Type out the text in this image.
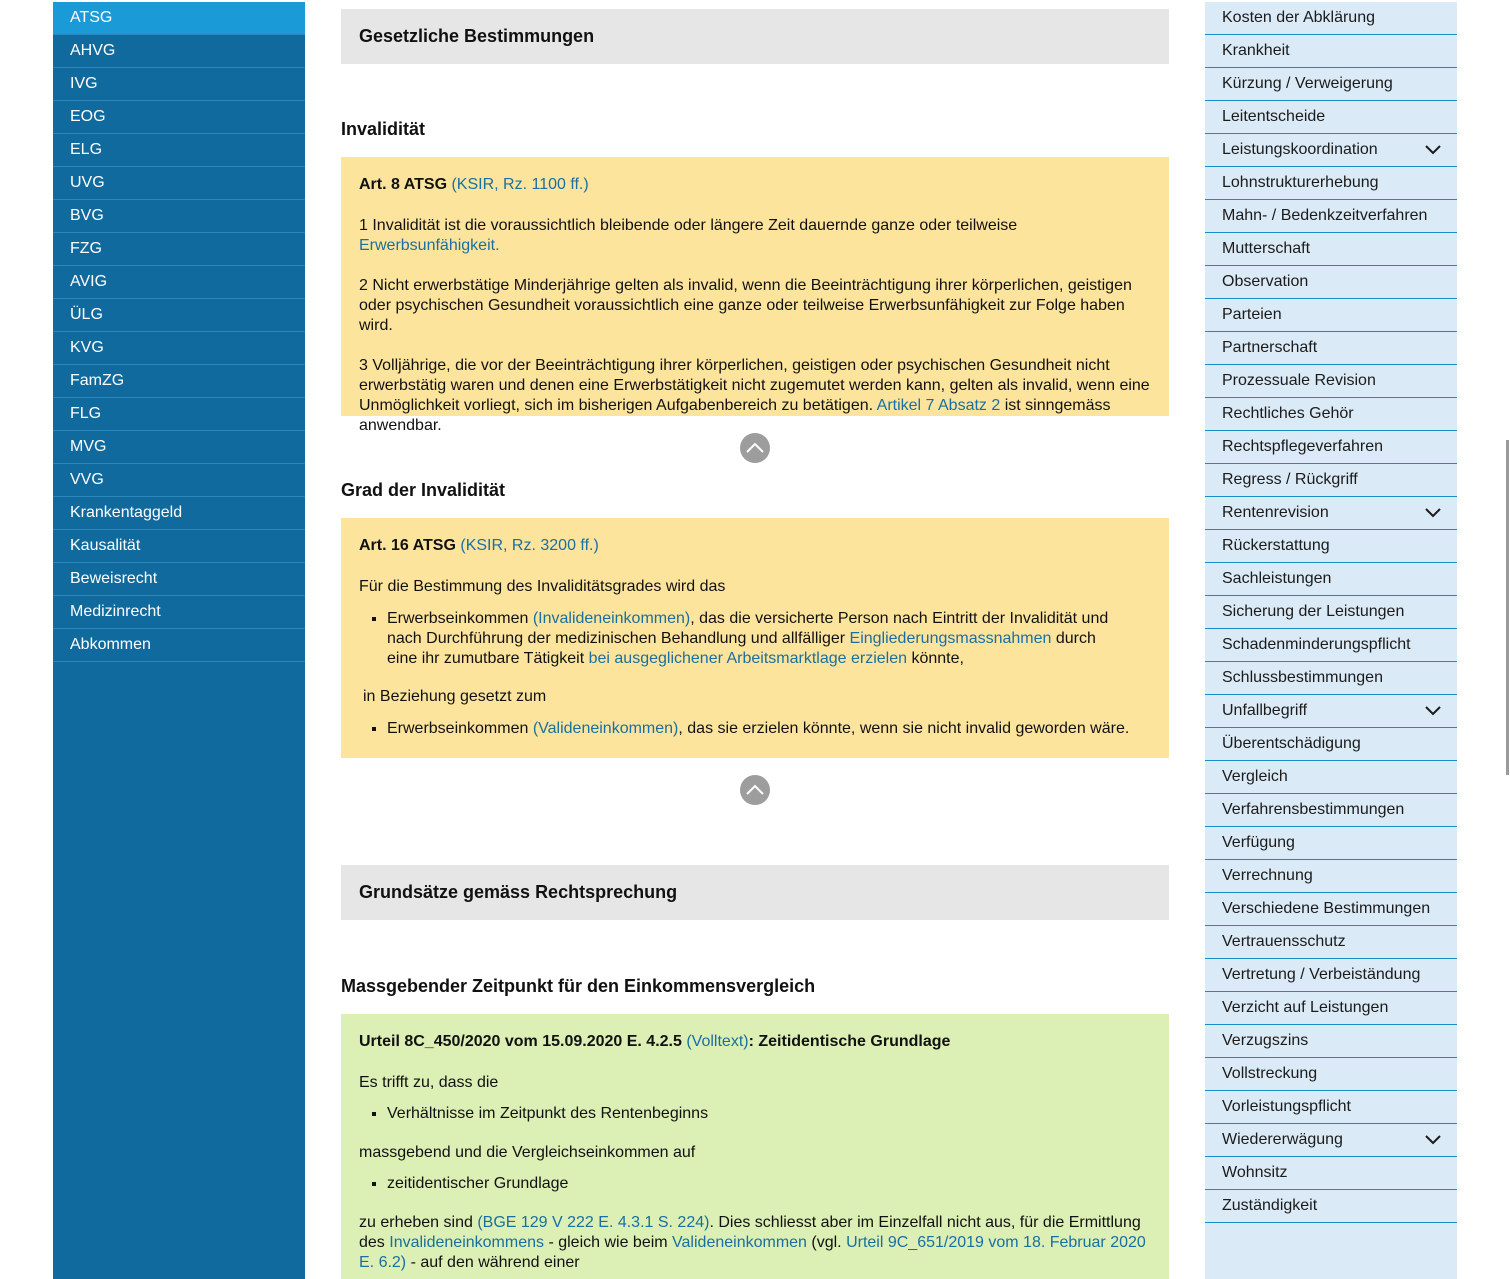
ATSG
AHVG
IVG
EOG
ELG
UVG
BVG
FZG
AVIG
ÜLG
KVG
FamZG
FLG
MVG
VVG
Krankentaggeld
Kausalität
Beweisrecht
Medizinrecht
Abkommen
Kosten der Abklärung
Krankheit
Kürzung / Verweigerung
Leitentscheide
Leistungskoordination
Lohnstrukturerhebung
Mahn- / Bedenkzeitverfahren
Mutterschaft
Observation
Parteien
Partnerschaft
Prozessuale Revision
Rechtliches Gehör
Rechtspflegeverfahren
Regress / Rückgriff
Rentenrevision
Rückerstattung
Sachleistungen
Sicherung der Leistungen
Schadenminderungspflicht
Schlussbestimmungen
Unfallbegriff
Überentschädigung
Vergleich
Verfahrensbestimmungen
Verfügung
Verrechnung
Verschiedene Bestimmungen
Vertrauensschutz
Vertretung / Verbeiständung
Verzicht auf Leistungen
Verzugszins
Vollstreckung
Vorleistungspflicht
Wiedererwägung
Wohnsitz
Zuständigkeit
Gesetzliche Bestimmungen
Invalidität

Art. 8 ATSG (KSIR, Rz. 1100 ff.)

1 Invalidität ist die voraussichtlich bleibende oder längere Zeit dauernde ganze oder teilweise Erwerbsunfähigkeit.

2 Nicht erwerbstätige Minderjährige gelten als invalid, wenn die Beeinträchtigung ihrer körperlichen, geistigen oder psychischen Gesundheit voraussichtlich eine ganze oder teilweise Erwerbsunfähigkeit zur Folge haben wird.

3 Volljährige, die vor der Beeinträchtigung ihrer körperlichen, geistigen oder psychischen Gesundheit nicht erwerbstätig waren und denen eine Erwerbstätigkeit nicht zugemutet werden kann, gelten als invalid, wenn eine Unmöglichkeit vorliegt, sich im bisherigen Aufgabenbereich zu betätigen. Artikel 7 Absatz 2 ist sinngemäss anwendbar.

Grad der Invalidität

Art. 16 ATSG (KSIR, Rz. 3200 ff.)

Für die Bestimmung des Invaliditätsgrades wird das

▪ Erwerbseinkommen (Invalideneinkommen), das die versicherte Person nach Eintritt der Invalidität und nach Durchführung der medizinischen Behandlung und allfälliger Eingliederungsmassnahmen durch eine ihr zumutbare Tätigkeit bei ausgeglichener Arbeitsmarktlage erzielen könnte,

in Beziehung gesetzt zum

▪ Erwerbseinkommen (Valideneinkommen), das sie erzielen könnte, wenn sie nicht invalid geworden wäre.
Grundsätze gemäss Rechtsprechung
Massgebender Zeitpunkt für den Einkommensvergleich

Urteil 8C_450/2020 vom 15.09.2020 E. 4.2.5 (Volltext): Zeitidentische Grundlage

Es trifft zu, dass die

▪ Verhältnisse im Zeitpunkt des Rentenbeginns

massgebend und die Vergleichseinkommen auf

▪ zeitidentischer Grundlage

zu erheben sind (BGE 129 V 222 E. 4.3.1 S. 224). Dies schliesst aber im Einzelfall nicht aus, für die Ermittlung des Invalideneinkommens - gleich wie beim Valideneinkommen (vgl. Urteil 9C_651/2019 vom 18. Februar 2020 E. 6.2) - auf den während einer
